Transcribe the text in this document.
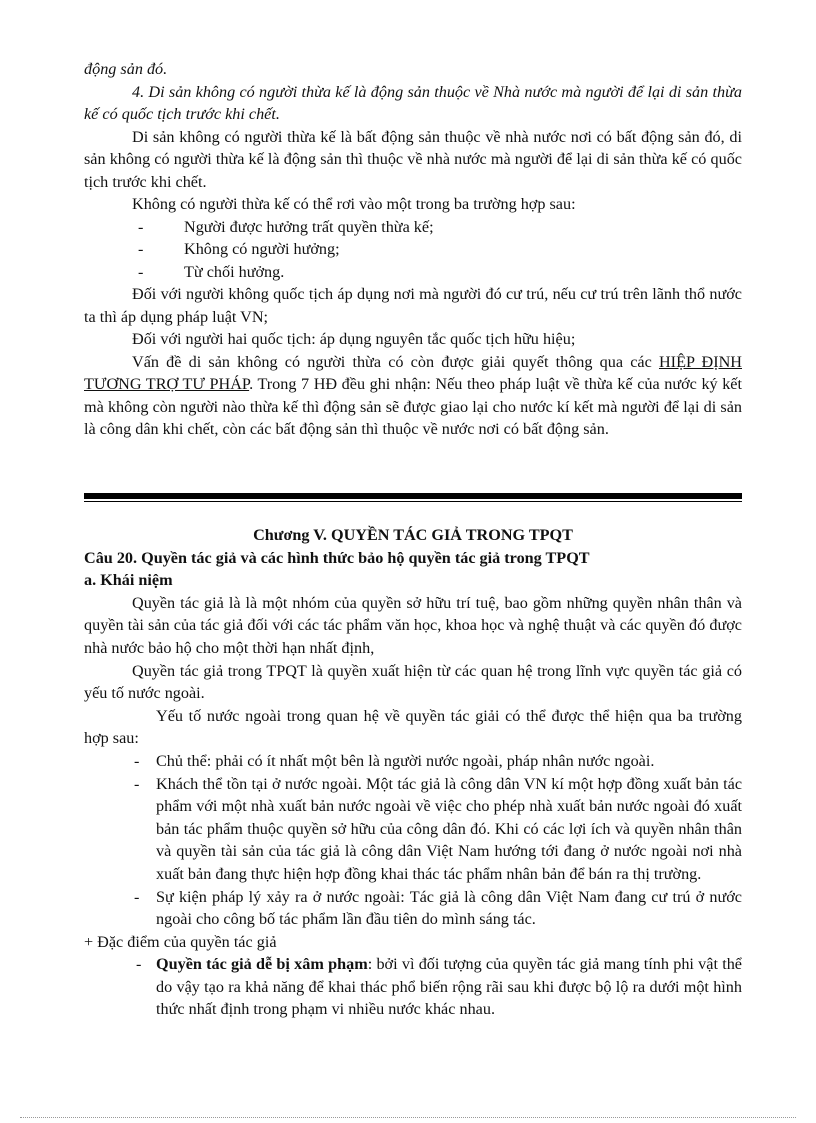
động sản đó.

4. Di sản không có người thừa kế là động sản thuộc về Nhà nước mà người để lại di sản thừa kế có quốc tịch trước khi chết.

Di sản không có người thừa kế là bất động sản thuộc về nhà nước nơi có bất động sản đó, di sản không có người thừa kế là động sản thì thuộc về nhà nước mà người để lại di sản thừa kế có quốc tịch trước khi chết.

Không có người thừa kế có thể rơi vào một trong ba trường hợp sau:

-	Người được hưởng trất quyền thừa kế;

-	Không có người hưởng;

-	Từ chối hưởng.

Đối với người không quốc tịch áp dụng nơi mà người đó cư trú, nếu cư trú trên lãnh thổ nước ta thì áp dụng pháp luật VN;

Đối với người hai quốc tịch: áp dụng nguyên tắc quốc tịch hữu hiệu;

Vấn đề di sản không có người thừa có còn được giải quyết thông qua các HIỆP ĐỊNH TƯƠNG TRỢ TƯ PHÁP. Trong 7 HĐ đều ghi nhận: Nếu theo pháp luật về thừa kế của nước ký kết mà không còn người nào thừa kế thì động sản sẽ được giao lại cho nước kí kết mà người để lại di sản là công dân khi chết, còn các bất động sản thì thuộc về nước nơi có bất động sản.

Chương V. QUYỀN TÁC GIẢ TRONG TPQT

Câu 20. Quyền tác giả và các hình thức bảo hộ quyền tác giả trong TPQT

a. Khái niệm

Quyền tác giả là là một nhóm của quyền sở hữu trí tuệ, bao gồm những quyền nhân thân và quyền tài sản của tác giả đối với các tác phẩm văn học, khoa học và nghệ thuật và các quyền đó được nhà nước bảo hộ cho một thời hạn nhất định,

Quyền tác giả trong TPQT là quyền xuất hiện từ các quan hệ trong lĩnh vực quyền tác giả có yếu tố nước ngoài.

Yếu tố nước ngoài trong quan hệ về quyền tác giải có thể được thể hiện qua ba trường hợp sau:

- Chủ thể: phải có ít nhất một bên là người nước ngoài, pháp nhân nước ngoài.

- Khách thể tồn tại ở nước ngoài. Một tác giả là công dân VN kí một hợp đồng xuất bản tác phẩm với một nhà xuất bản nước ngoài về việc cho phép nhà xuất bản nước ngoài đó xuất bản tác phẩm thuộc quyền sở hữu của công dân đó. Khi có các lợi ích và quyền nhân thân và quyền tài sản của tác giả là công dân Việt Nam hướng tới đang ở nước ngoài nơi nhà xuất bản đang thực hiện hợp đồng khai thác tác phẩm nhân bản để bán ra thị trường.

- Sự kiện pháp lý xảy ra ở nước ngoài: Tác giả là công dân Việt Nam đang cư trú ở nước ngoài cho công bố tác phẩm lần đầu tiên do mình sáng tác.

+ Đặc điểm của quyền tác giả

- Quyền tác giả dễ bị xâm phạm: bởi vì đối tượng của quyền tác giả mang tính phi vật thể do vậy tạo ra khả năng để khai thác phổ biến rộng rãi sau khi được bộ lộ ra dưới một hình thức nhất định trong phạm vi nhiều nước khác nhau.
